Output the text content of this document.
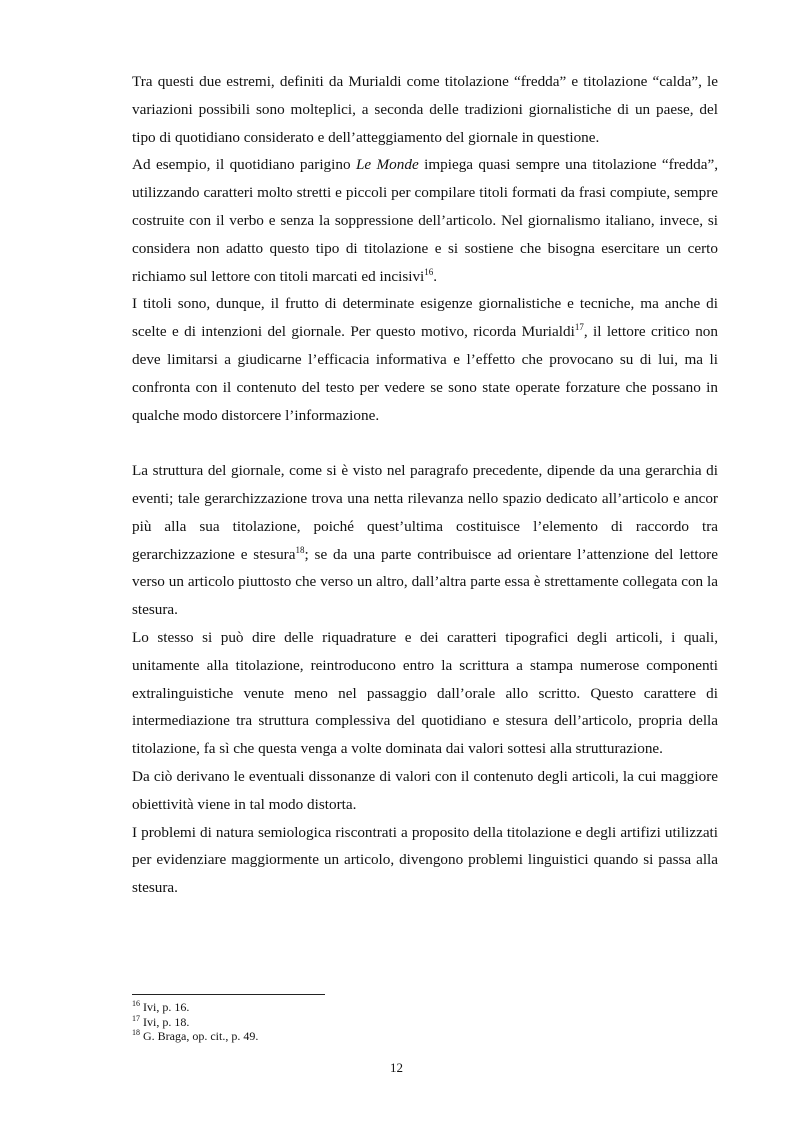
Tra questi due estremi, definiti da Murialdi come titolazione “fredda” e titolazione “calda”, le variazioni possibili sono molteplici, a seconda delle tradizioni giornalistiche di un paese, del tipo di quotidiano considerato e dell’atteggiamento del giornale in questione.

Ad esempio, il quotidiano parigino Le Monde impiega quasi sempre una titolazione “fredda”, utilizzando caratteri molto stretti e piccoli per compilare titoli formati da frasi compiute, sempre costruite con il verbo e senza la soppressione dell’articolo. Nel giornalismo italiano, invece, si considera non adatto questo tipo di titolazione e si sostiene che bisogna esercitare un certo richiamo sul lettore con titoli marcati ed incisivi$^{16}$.

I titoli sono, dunque, il frutto di determinate esigenze giornalistiche e tecniche, ma anche di scelte e di intenzioni del giornale. Per questo motivo, ricorda Murialdi$^{17}$, il lettore critico non deve limitarsi a giudicarne l’efficacia informativa e l’effetto che provocano su di lui, ma li confronta con il contenuto del testo per vedere se sono state operate forzature che possano in qualche modo distorcere l’informazione.

La struttura del giornale, come si è visto nel paragrafo precedente, dipende da una gerarchia di eventi; tale gerarchizzazione trova una netta rilevanza nello spazio dedicato all’articolo e ancor più alla sua titolazione, poiché quest’ultima costituisce l’elemento di raccordo tra gerarchizzazione e stesura$^{18}$; se da una parte contribuisce ad orientare l’attenzione del lettore verso un articolo piuttosto che verso un altro, dall’altra parte essa è strettamente collegata con la stesura.

Lo stesso si può dire delle riquadrature e dei caratteri tipografici degli articoli, i quali, unitamente alla titolazione, reintroducono entro la scrittura a stampa numerose componenti extralinguistiche venute meno nel passaggio dall’orale allo scritto. Questo carattere di intermediazione tra struttura complessiva del quotidiano e stesura dell’articolo, propria della titolazione, fa sì che questa venga a volte dominata dai valori sottesi alla strutturazione.

Da ciò derivano le eventuali dissonanze di valori con il contenuto degli articoli, la cui maggiore obiettività viene in tal modo distorta.

I problemi di natura semiologica riscontrati a proposito della titolazione e degli artifizi utilizzati per evidenziare maggiormente un articolo, divengono problemi linguistici quando si passa alla stesura.

$^{16}$ Ivi, p. 16.

$^{17}$ Ivi, p. 18.

$^{18}$ G. Braga, op. cit., p. 49.

12
